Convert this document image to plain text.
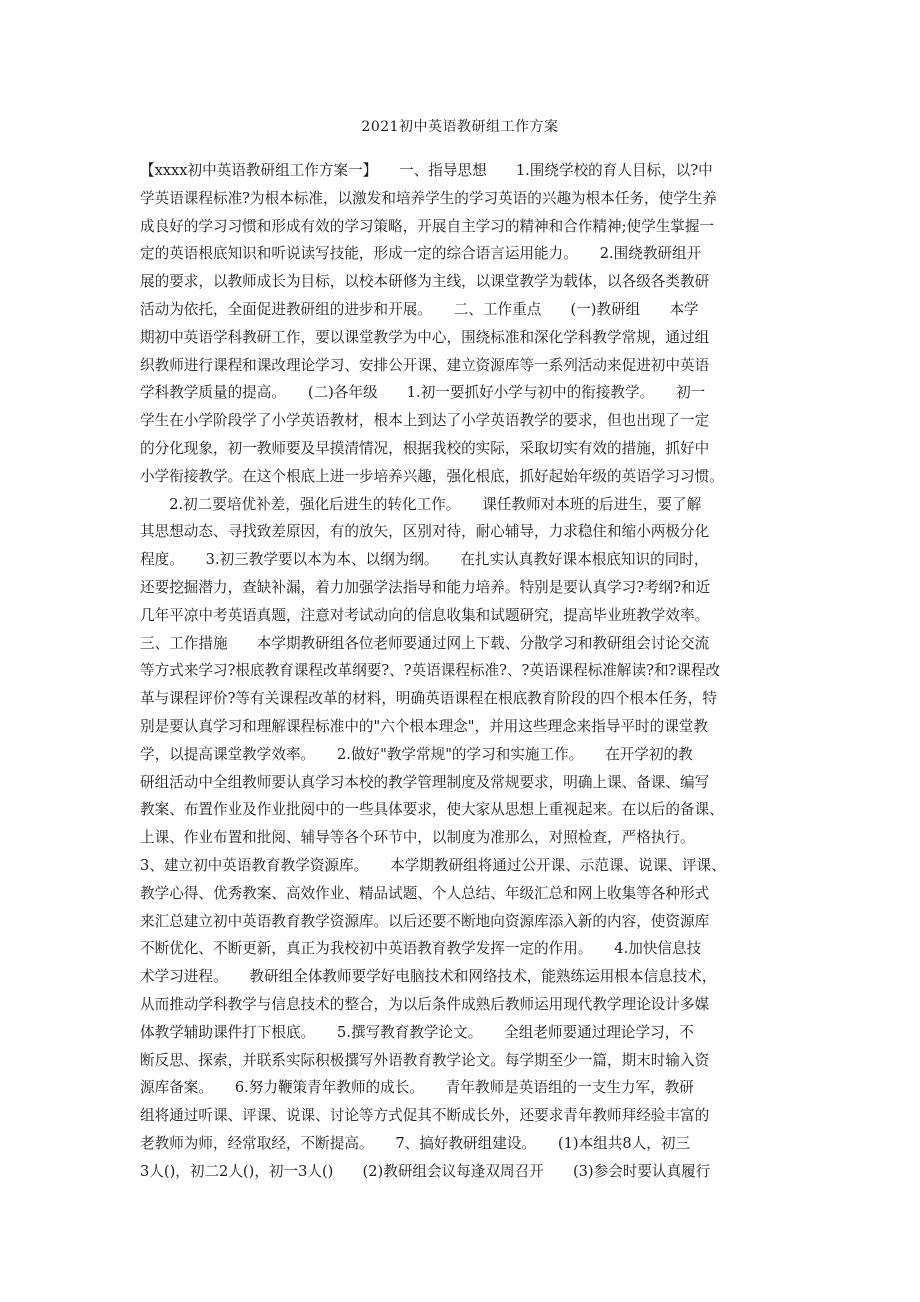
2021初中英语教研组工作方案
【xxxx初中英语教研组工作方案一】　　一、指导思想　　1.围绕学校的育人目标，以?中
学英语课程标准?为根本标准，以激发和培养学生的学习英语的兴趣为根本任务，使学生养
成良好的学习习惯和形成有效的学习策略，开展自主学习的精神和合作精神;使学生掌握一
定的英语根底知识和听说读写技能，形成一定的综合语言运用能力。　　2.围绕教研组开
展的要求，以教师成长为目标，以校本研修为主线，以课堂教学为载体，以各级各类教研
活动为依托，全面促进教研组的进步和开展。　　二、工作重点　　(一)教研组　　本学
期初中英语学科教研工作，要以课堂教学为中心，围绕标准和深化学科教学常规，通过组
织教师进行课程和课改理论学习、安排公开课、建立资源库等一系列活动来促进初中英语
学科教学质量的提高。　　(二)各年级　　1.初一要抓好小学与初中的衔接教学。　　初一
学生在小学阶段学了小学英语教材，根本上到达了小学英语教学的要求，但也出现了一定
的分化现象，初一教师要及早摸清情况，根据我校的实际，采取切实有效的措施，抓好中
小学衔接教学。在这个根底上进一步培养兴趣，强化根底，抓好起始年级的英语学习习惯。
　　2.初二要培优补差，强化后进生的转化工作。　　课任教师对本班的后进生，要了解
其思想动态、寻找致差原因，有的放矢，区别对待，耐心辅导，力求稳住和缩小两极分化
程度。　　3.初三教学要以本为本、以纲为纲。　　在扎实认真教好课本根底知识的同时，
还要挖掘潜力，查缺补漏，着力加强学法指导和能力培养。特别是要认真学习?考纲?和近
几年平凉中考英语真题，注意对考试动向的信息收集和试题研究，提高毕业班教学效率。
三、工作措施　　本学期教研组各位老师要通过网上下载、分散学习和教研组会讨论交流
等方式来学习?根底教育课程改革纲要?、?英语课程标准?、?英语课程标准解读?和?课程改
革与课程评价?等有关课程改革的材料，明确英语课程在根底教育阶段的四个根本任务，特
别是要认真学习和理解课程标准中的"六个根本理念"，并用这些理念来指导平时的课堂教
学，以提高课堂教学效率。　　2.做好"教学常规"的学习和实施工作。　　在开学初的教
研组活动中全组教师要认真学习本校的教学管理制度及常规要求，明确上课、备课、编写
教案、布置作业及作业批阅中的一些具体要求，使大家从思想上重视起来。在以后的备课、
上课、作业布置和批阅、辅导等各个环节中，以制度为准那么，对照检查，严格执行。
3、建立初中英语教育教学资源库。　　本学期教研组将通过公开课、示范课、说课、评课、
教学心得、优秀教案、高效作业、精品试题、个人总结、年级汇总和网上收集等各种形式
来汇总建立初中英语教育教学资源库。以后还要不断地向资源库添入新的内容，使资源库
不断优化、不断更新，真正为我校初中英语教育教学发挥一定的作用。　　4.加快信息技
术学习进程。　　教研组全体教师要学好电脑技术和网络技术，能熟练运用根本信息技术，
从而推动学科教学与信息技术的整合，为以后条件成熟后教师运用现代教学理论设计多媒
体教学辅助课件打下根底。　　5.撰写教育教学论文。　　全组老师要通过理论学习，不
断反思、探索，并联系实际积极撰写外语教育教学论文。每学期至少一篇，期末时输入资
源库备案。　　6.努力鞭策青年教师的成长。　　青年教师是英语组的一支生力军，教研
组将通过听课、评课、说课、讨论等方式促其不断成长外，还要求青年教师拜经验丰富的
老教师为师，经常取经，不断提高。　　7、搞好教研组建设。　　(1)本组共8人，初三
3人()，初二2人()，初一3人()　　(2)教研组会议每逢双周召开　　(3)参会时要认真履行
